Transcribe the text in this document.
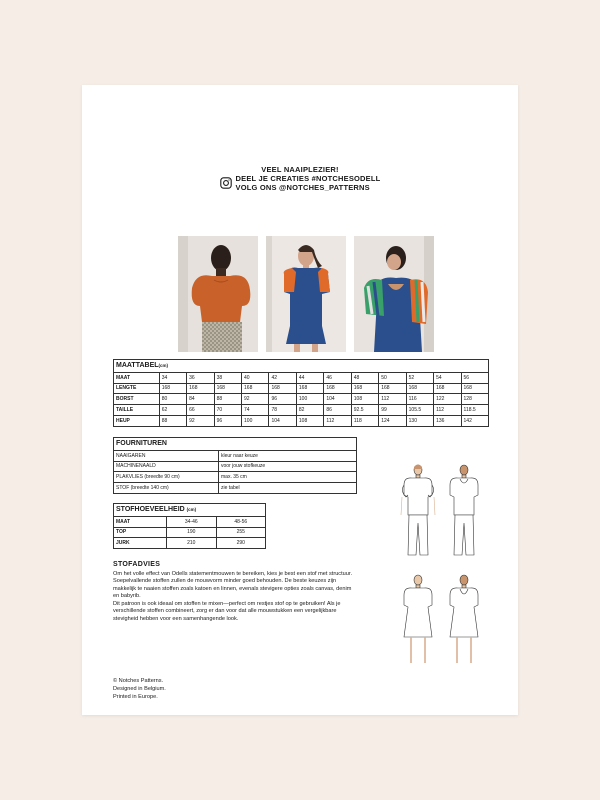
VEEL NAAIPLEZIER!
DEEL JE CREATIES #NOTCHESODELL
VOLG ONS @NOTCHES_PATTERNS
MAATTABEL(cm)												
MAAT	34	36	38	40	42	44	46	48	50	52	54	56
LENGTE	168	168	168	168	168	168	168	168	168	168	168	168
BORST	80	84	88	92	96	100	104	108	112	116	122	128
TAILLE	62	66	70	74	78	82	86	92.5	99	105.5	112	118.5
HEUP	88	92	96	100	104	108	112	118	124	130	136	142
FOURNITUREN	
NAAIGAREN	kleur naar keuze
MACHINENAALD	voor jouw stofkeuze
PLAKVLIES (breedte 90 cm)	max. 35 cm
STOF (breedte 140 cm)	zie tabel
STOFHOEVEELHEID (cm)		
MAAT	34-46	48-56
TOP	190	255
JURK	210	290
STOFADVIES

Om het volle effect van Odells statementmouwen te bereiken, kies je best een stof met structuur. Soepelvallende stoffen zullen de mouwvorm minder goed behouden. De beste keuzes zijn makkelijk te naaien stoffen zoals katoen en linnen, evenals stevigere opties zoals canvas, denim en babyrib.

Dit patroon is ook ideaal om stoffen te mixen—perfect om restjes stof op te gebruiken! Als je verschillende stoffen combineert, zorg er dan voor dat alle mouwstukken een vergelijkbare stevigheid hebben voor een samenhangende look.

© Notches Patterns.
Designed in Belgium.
Printed in Europe.
